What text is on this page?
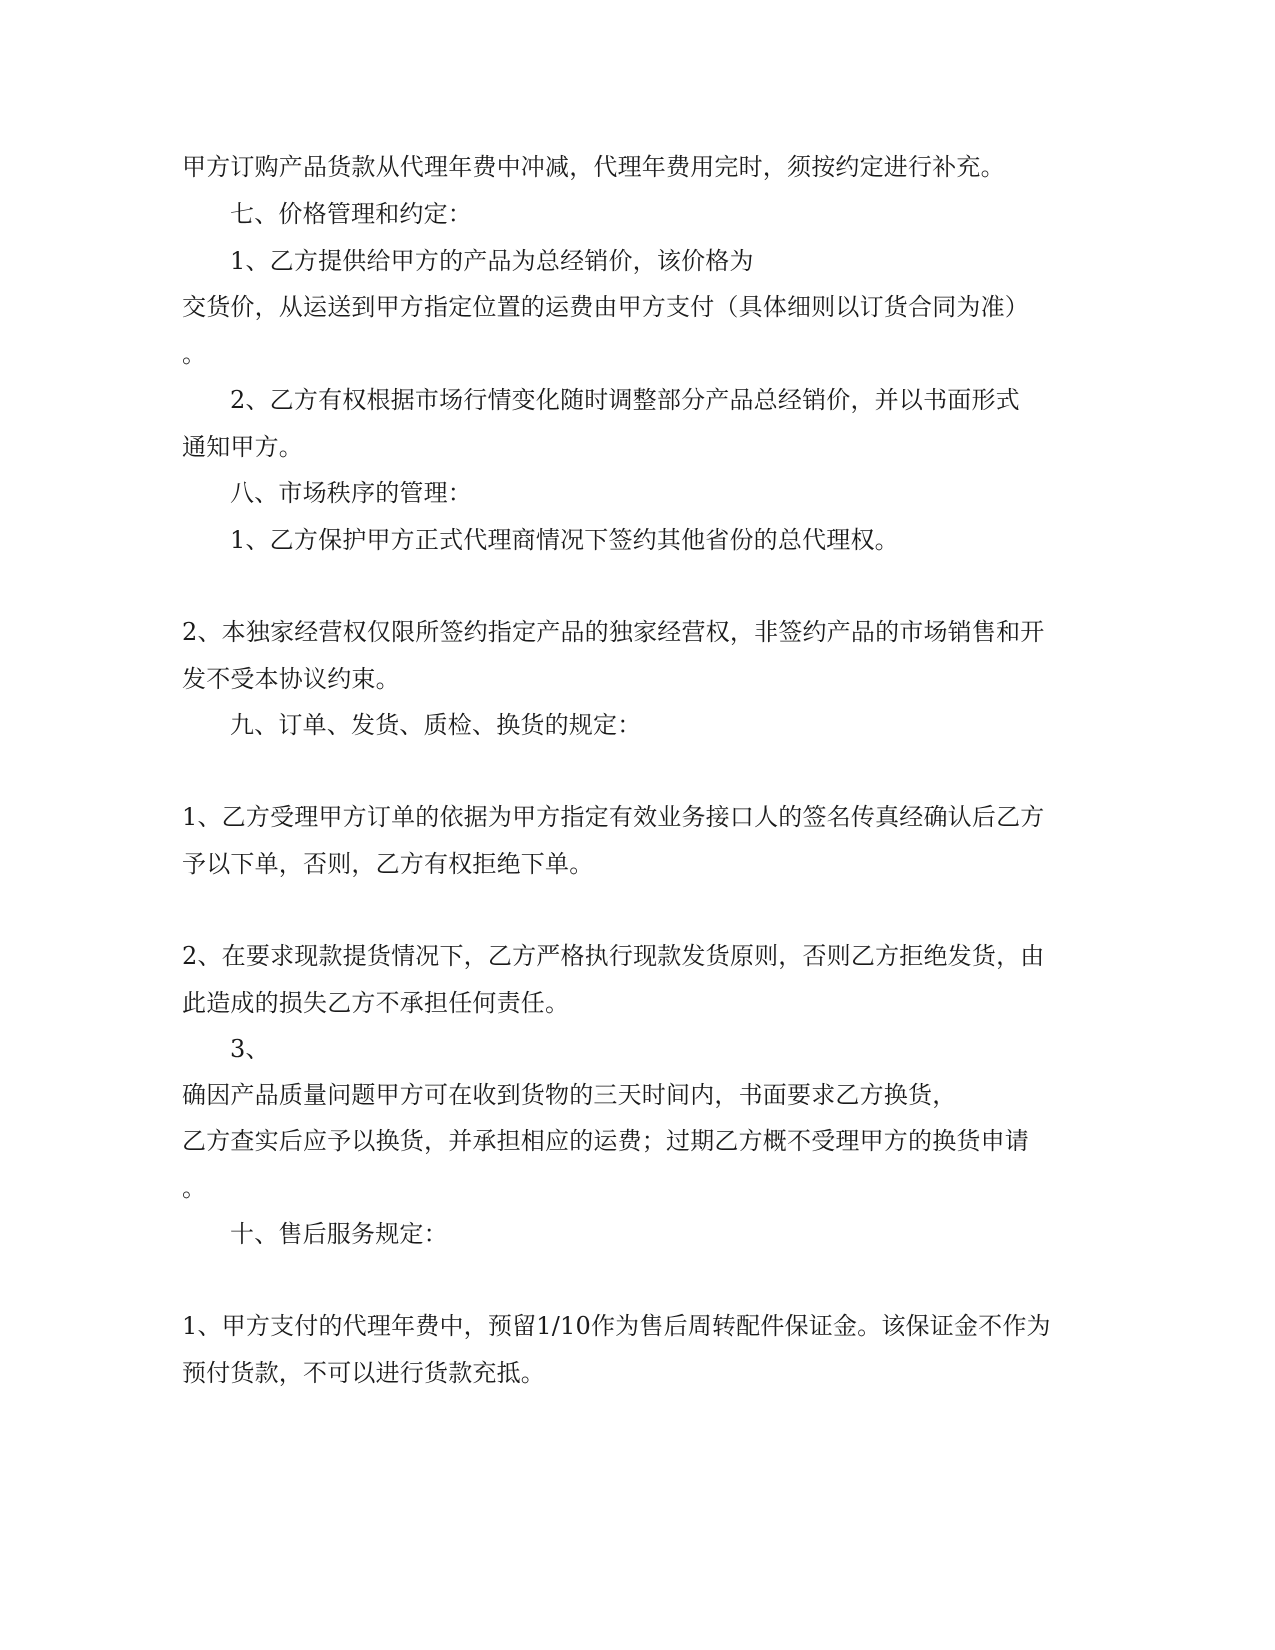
甲方订购产品货款从代理年费中冲减，代理年费用完时，须按约定进行补充。

七、价格管理和约定：

1、乙方提供给甲方的产品为总经销价，该价格为

交货价，从运送到甲方指定位置的运费由甲方支付（具体细则以订货合同为准）

。

2、乙方有权根据市场行情变化随时调整部分产品总经销价，并以书面形式

通知甲方。

八、市场秩序的管理：

1、乙方保护甲方正式代理商情况下签约其他省份的总代理权。

2、本独家经营权仅限所签约指定产品的独家经营权，非签约产品的市场销售和开

发不受本协议约束。

九、订单、发货、质检、换货的规定：

1、乙方受理甲方订单的依据为甲方指定有效业务接口人的签名传真经确认后乙方

予以下单，否则，乙方有权拒绝下单。

2、在要求现款提货情况下，乙方严格执行现款发货原则，否则乙方拒绝发货，由

此造成的损失乙方不承担任何责任。

3、

确因产品质量问题甲方可在收到货物的三天时间内，书面要求乙方换货，

乙方查实后应予以换货，并承担相应的运费；过期乙方概不受理甲方的换货申请

。

十、售后服务规定：

1、甲方支付的代理年费中，预留1/10作为售后周转配件保证金。该保证金不作为

预付货款，不可以进行货款充抵。
